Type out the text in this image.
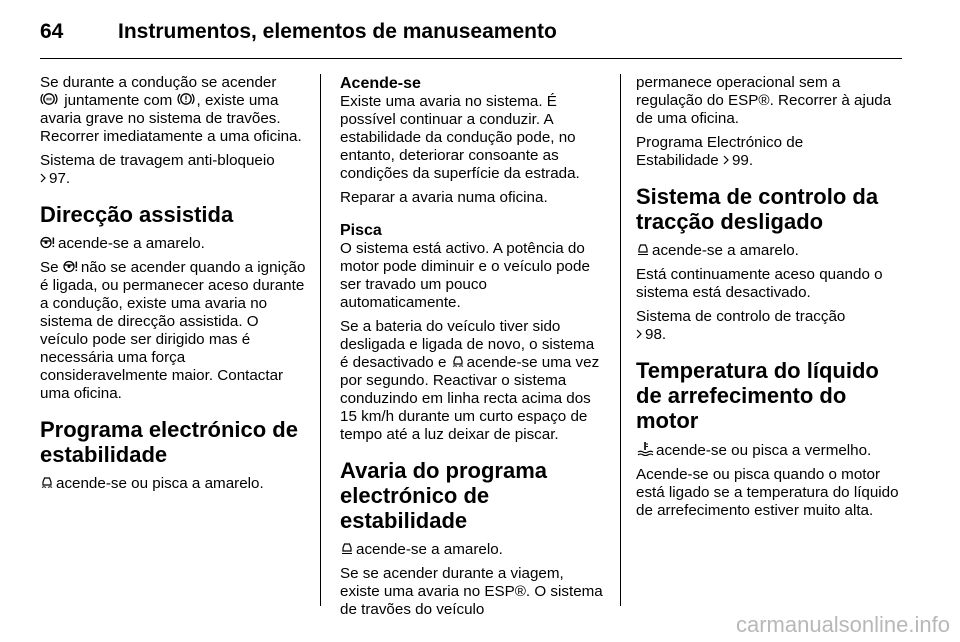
64	Instrumentos, elementos de manuseamento

Se durante a condução se acender
juntamente com , existe uma
avaria grave no sistema de travões. Recorrer imediatamente a uma oficina.

Sistema de travagem anti-bloqueio
97.

Direcção assistida

acende-se a amarelo.

Se não se acender quando a ignição é ligada, ou permanecer aceso durante a condução, existe uma avaria no sistema de direcção assistida. O veículo pode ser dirigido mas é necessária uma força consideravelmente maior. Contactar uma oficina.

Programa electrónico de estabilidade

acende-se ou pisca a amarelo.

Acende-se

Existe uma avaria no sistema. É possível continuar a conduzir. A estabilidade da condução pode, no entanto, deteriorar consoante as condições da superfície da estrada.

Reparar a avaria numa oficina.

Pisca

O sistema está activo. A potência do motor pode diminuir e o veículo pode ser travado um pouco automaticamente.

Se a bateria do veículo tiver sido desligada e ligada de novo, o sistema é desactivado e acende-se uma vez por segundo. Reactivar o sistema conduzindo em linha recta acima dos 15 km/h durante um curto espaço de tempo até a luz deixar de piscar.

Avaria do programa electrónico de estabilidade

acende-se a amarelo.

Se se acender durante a viagem, existe uma avaria no ESP®. O sistema de travões do veículo

permanece operacional sem a regulação do ESP®. Recorrer à ajuda de uma oficina.

Programa Electrónico de
Estabilidade 99.

Sistema de controlo da tracção desligado

acende-se a amarelo.

Está continuamente aceso quando o sistema está desactivado.

Sistema de controlo de tracção
98.

Temperatura do líquido de arrefecimento do motor

acende-se ou pisca a vermelho.

Acende-se ou pisca quando o motor está ligado se a temperatura do líquido de arrefecimento estiver muito alta.

carmanualsonline.info
